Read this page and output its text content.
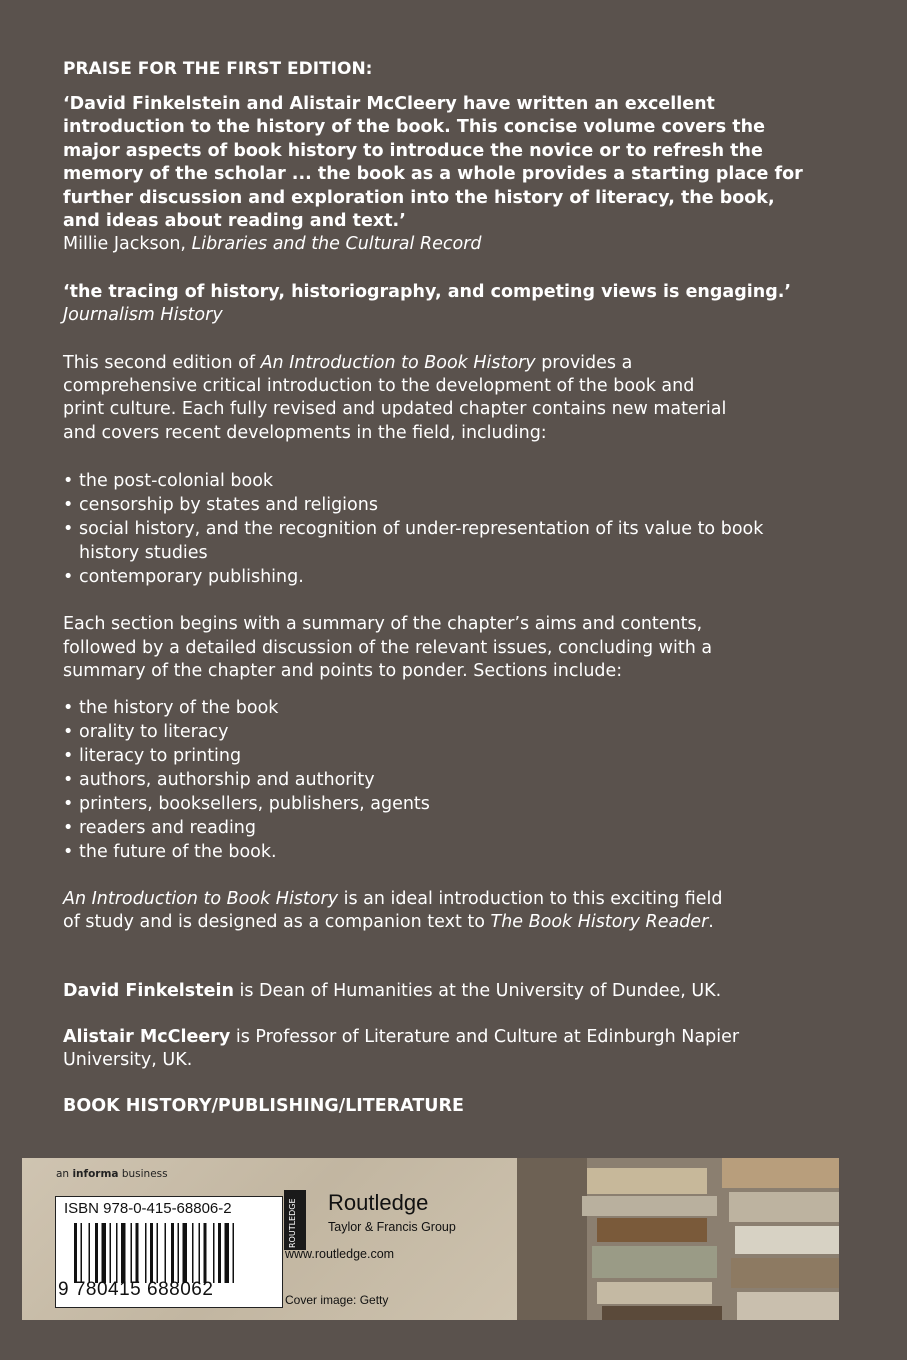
PRAISE FOR THE FIRST EDITION:

‘David Finkelstein and Alistair McCleery have written an excellent
introduction to the history of the book. This concise volume covers the
major aspects of book history to introduce the novice or to refresh the
memory of the scholar ... the book as a whole provides a starting place for
further discussion and exploration into the history of literacy, the book,
and ideas about reading and text.’
Millie Jackson, Libraries and the Cultural Record
‘the tracing of history, historiography, and competing views is engaging.’
Journalism History
This second edition of An Introduction to Book History provides a
comprehensive critical introduction to the development of the book and
print culture. Each fully revised and updated chapter contains new material
and covers recent developments in the field, including:
• the post-colonial book
• censorship by states and religions
• social history, and the recognition of under-representation of its value to book history studies
• contemporary publishing.
Each section begins with a summary of the chapter’s aims and contents,
followed by a detailed discussion of the relevant issues, concluding with a
summary of the chapter and points to ponder. Sections include:
• the history of the book
• orality to literacy
• literacy to printing
• authors, authorship and authority
• printers, booksellers, publishers, agents
• readers and reading
• the future of the book.
An Introduction to Book History is an ideal introduction to this exciting field
of study and is designed as a companion text to The Book History Reader.
David Finkelstein is Dean of Humanities at the University of Dundee, UK.
Alistair McCleery is Professor of Literature and Culture at Edinburgh Napier
University, UK.
BOOK HISTORY/PUBLISHING/LITERATURE
an informa business
ISBN 978-0-415-68806-2
9 780415 688062
ROUTLEDGE Routledge
Taylor & Francis Group
www.routledge.com
Cover image: Getty
